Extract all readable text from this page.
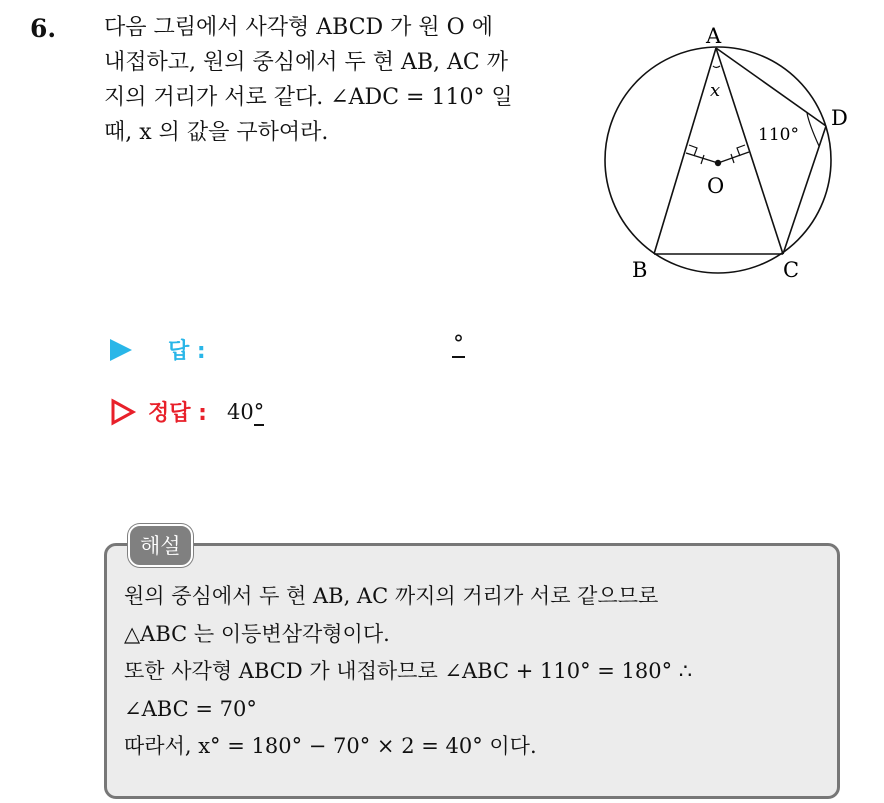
6. 다음 그림에서 사각형 ABCD 가 원 O 에
내접하고, 원의 중심에서 두 현 AB, AC 까
지의 거리가 서로 같다. ∠ADC = 110° 일
때, x 의 값을 구하여라.
A
B	C
D
O
x
110°
답 :	°
정답 : 40°
해설
원의 중심에서 두 현 AB, AC 까지의 거리가 서로 같으므로
△ABC 는 이등변삼각형이다.
또한 사각형 ABCD 가 내접하므로 ∠ABC + 110° = 180° ∴
∠ABC = 70°
따라서, x° = 180° − 70° × 2 = 40° 이다.
